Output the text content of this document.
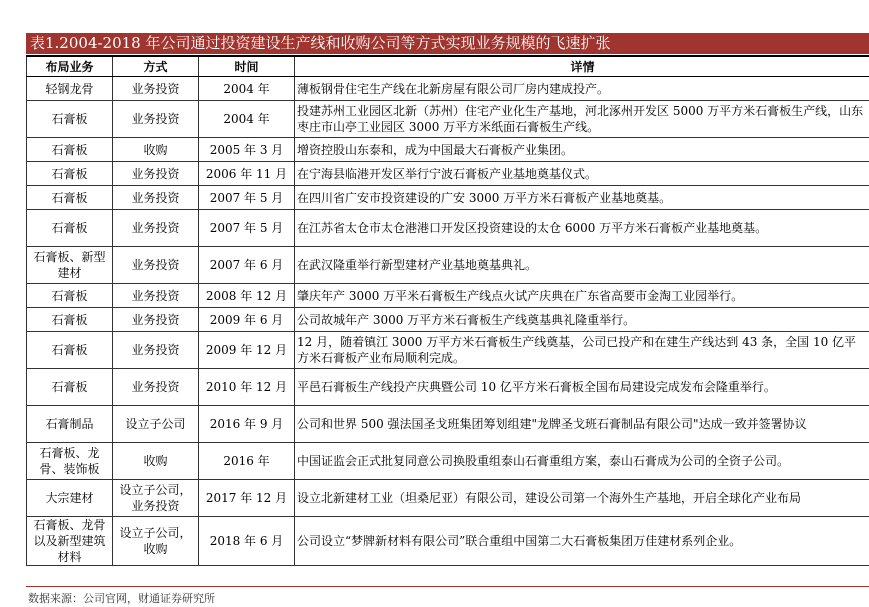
表1.2004-2018 年公司通过投资建设生产线和收购公司等方式实现业务规模的飞速扩张
布局业务	方式	时间	详情
轻钢龙骨	业务投资	2004 年	薄板钢骨住宅生产线在北新房屋有限公司厂房内建成投产。
石膏板	业务投资	2004 年	投建苏州工业园区北新（苏州）住宅产业化生产基地，河北涿州开发区 5000 万平方米石膏板生产线，山东枣庄市山亭工业园区 3000 万平方米纸面石膏板生产线。
石膏板	收购	2005 年 3 月	增资控股山东泰和，成为中国最大石膏板产业集团。
石膏板	业务投资	2006 年 11 月	在宁海县临港开发区举行宁波石膏板产业基地奠基仪式。
石膏板	业务投资	2007 年 5 月	在四川省广安市投资建设的广安 3000 万平方米石膏板产业基地奠基。
石膏板	业务投资	2007 年 5 月	在江苏省太仓市太仓港港口开发区投资建设的太仓 6000 万平方米石膏板产业基地奠基。
石膏板、新型建材	业务投资	2007 年 6 月	在武汉隆重举行新型建材产业基地奠基典礼。
石膏板	业务投资	2008 年 12 月	肇庆年产 3000 万平米石膏板生产线点火试产庆典在广东省高要市金淘工业园举行。
石膏板	业务投资	2009 年 6 月	公司故城年产 3000 万平方米石膏板生产线奠基典礼隆重举行。
石膏板	业务投资	2009 年 12 月	12 月，随着镇江 3000 万平方米石膏板生产线奠基，公司已投产和在建生产线达到 43 条，全国 10 亿平方米石膏板产业布局顺利完成。
石膏板	业务投资	2010 年 12 月	平邑石膏板生产线投产庆典暨公司 10 亿平方米石膏板全国布局建设完成发布会隆重举行。
石膏制品	设立子公司	2016 年 9 月	公司和世界 500 强法国圣戈班集团筹划组建"龙牌圣戈班石膏制品有限公司"达成一致并签署协议
石膏板、龙骨、装饰板	收购	2016 年	中国证监会正式批复同意公司换股重组泰山石膏重组方案，泰山石膏成为公司的全资子公司。
大宗建材	设立子公司，业务投资	2017 年 12 月	设立北新建材工业（坦桑尼亚）有限公司，建设公司第一个海外生产基地，开启全球化产业布局
石膏板、龙骨以及新型建筑材料	设立子公司，收购	2018 年 6 月	公司设立“梦牌新材料有限公司”联合重组中国第二大石膏板集团万佳建材系列企业。
数据来源：公司官网，财通证券研究所
